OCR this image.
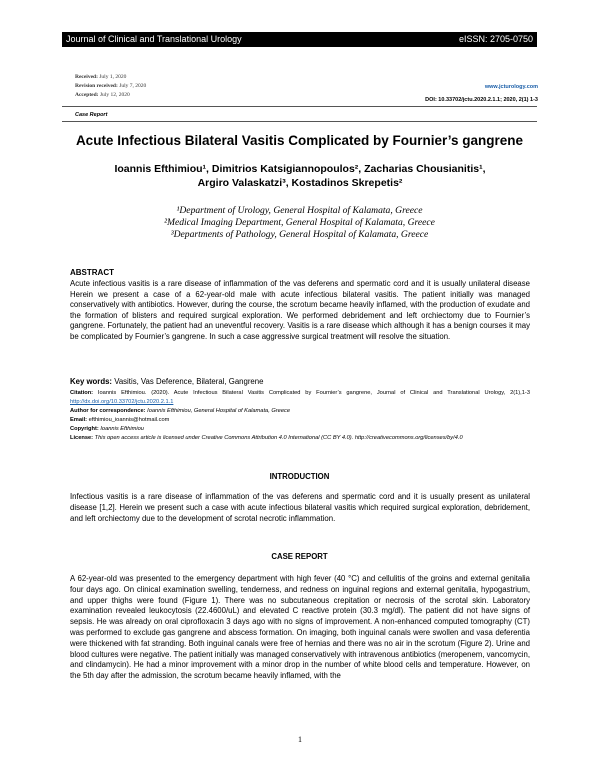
Journal of Clinical and Translational Urology	eISSN: 2705-0750
Received: July 1, 2020
Revision received: July 7, 2020
Accepted: July 12, 2020
www.jcturology.com
DOI: 10.33702/jctu.2020.2.1.1; 2020, 2(1) 1-3
Case Report
Acute Infectious Bilateral Vasitis Complicated by Fournier’s gangrene
Ioannis Efthimiou¹, Dimitrios Katsigiannopoulos², Zacharias Chousianitis¹,
Argiro Valaskatzi³, Kostadinos Skrepetis²
¹Department of Urology, General Hospital of Kalamata, Greece
²Medical Imaging Department, General Hospital of Kalamata, Greece
³Departments of Pathology, General Hospital of Kalamata, Greece
ABSTRACT
Acute infectious vasitis is a rare disease of inflammation of the vas deferens and spermatic cord and it is usually unilateral disease Herein we present a case of a 62-year-old male with acute infectious bilateral vasitis. The patient initially was managed conservatively with antibiotics. However, during the course, the scrotum became heavily inflamed, with the production of exudate and the formation of blisters and required surgical exploration. We performed debridement and left orchiectomy due to Fournier’s gangrene. Fortunately, the patient had an uneventful recovery. Vasitis is a rare disease which although it has a benign courses it may be complicated by Fournier’s gangrene. In such a case aggressive surgical treatment will resolve the situation.
Key words: Vasitis, Vas Deference, Bilateral, Gangrene
Citation: Ioannis Efthimiou. (2020). Acute Infectious Bilateral Vasitis Complicated by Fournier’s gangrene, Journal of Clinical and Translational Urology, 2(1),1-3 http://dx.doi.org/10.33702/jctu.2020.2.1.1
Author for correspondence: Ioannis Efthimiou, General Hospital of Kalamata, Greece
Email: efthimiou_ioannis@hotmail.com
Copyright: Ioannis Efthimiou
License: This open access article is licensed under Creative Commons Attribution 4.0 International (CC BY 4.0). http://creativecommons.org/licenses/by/4.0
INTRODUCTION
Infectious vasitis is a rare disease of inflammation of the vas deferens and spermatic cord and it is usually present as unilateral disease [1,2]. Herein we present such a case with acute infectious bilateral vasitis which required surgical exploration, debridement, and left orchiectomy due to the development of scrotal necrotic inflammation.
CASE REPORT
A 62-year-old was presented to the emergency department with high fever (40 °C) and cellulitis of the groins and external genitalia four days ago. On clinical examination swelling, tenderness, and redness on inguinal regions and external genitalia, hypogastrium, and upper thighs were found (Figure 1). There was no subcutaneous crepitation or necrosis of the scrotal skin. Laboratory examination revealed leukocytosis (22.4600/uL) and elevated C reactive protein (30.3 mg/dl). The patient did not have signs of sepsis. He was already on oral ciprofloxacin 3 days ago with no signs of improvement. A non-enhanced computed tomography (CT) was performed to exclude gas gangrene and abscess formation. On imaging, both inguinal canals were swollen and vasa deferentia were thickened with fat stranding. Both inguinal canals were free of hernias and there was no air in the scrotum (Figure 2). Urine and blood cultures were negative. The patient initially was managed conservatively with intravenous antibiotics (meropenem, vancomycin, and clindamycin). He had a minor improvement with a minor drop in the number of white blood cells and temperature. However, on the 5th day after the admission, the scrotum became heavily inflamed, with the
1
